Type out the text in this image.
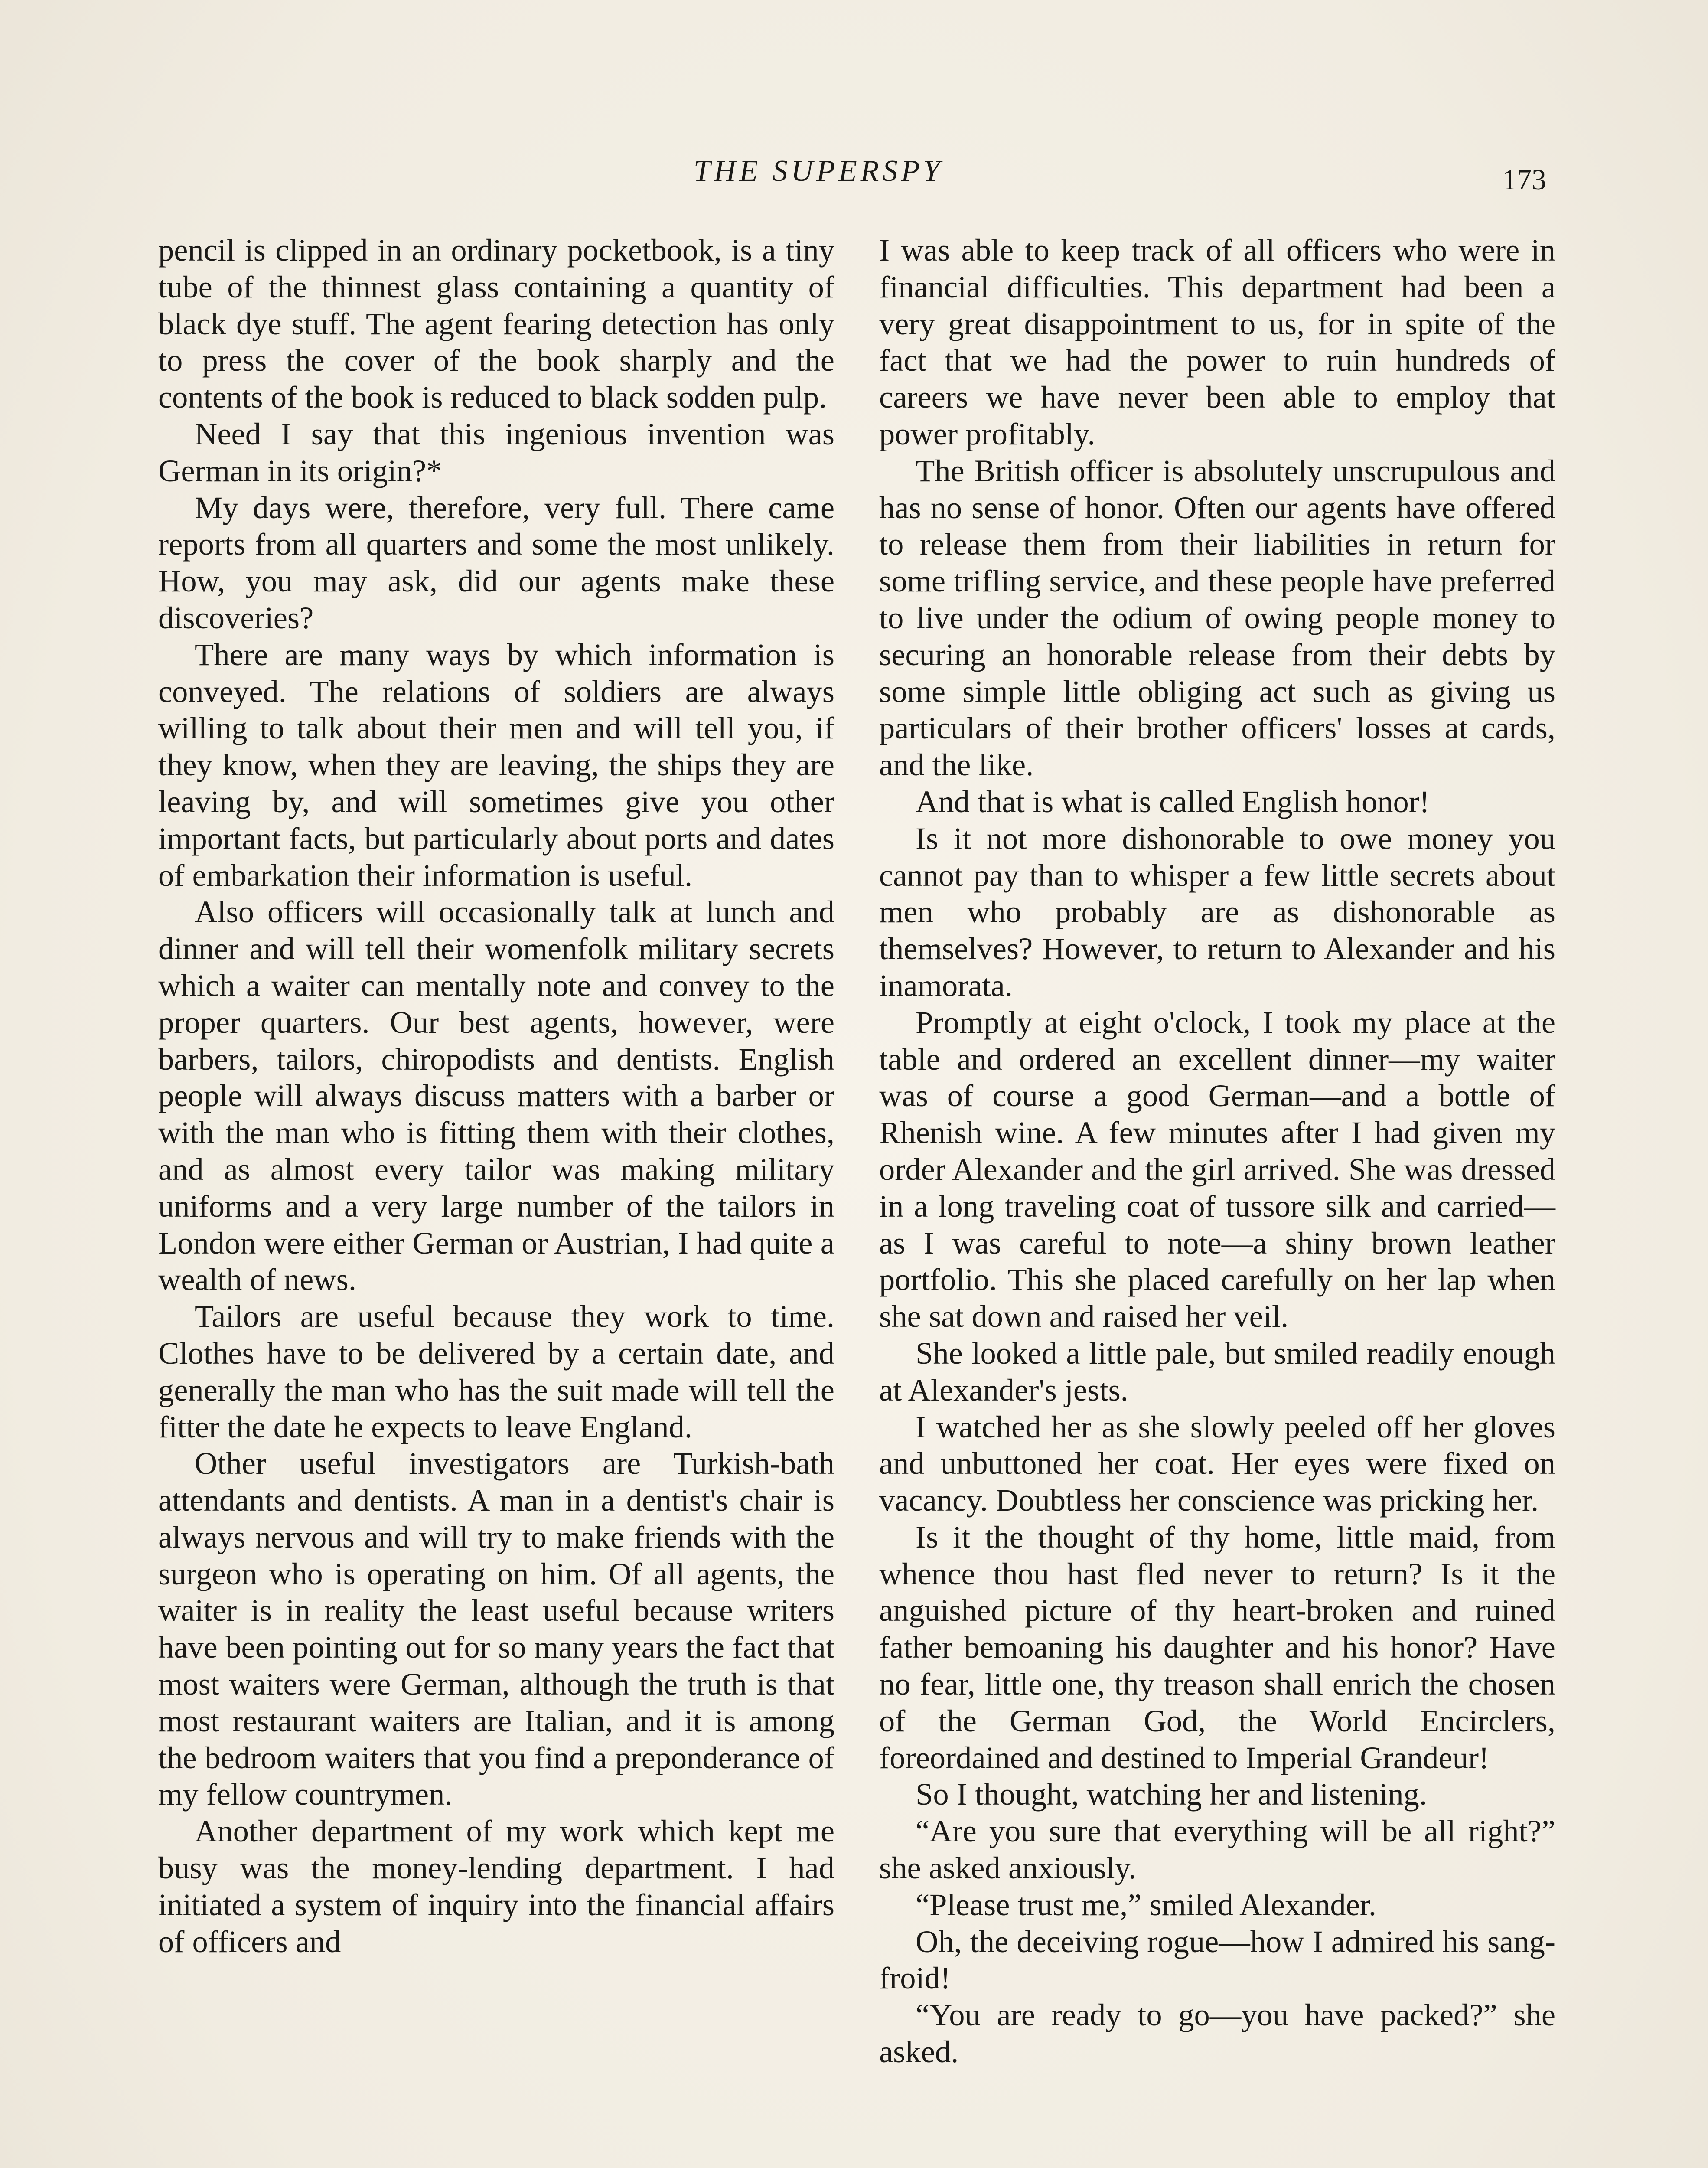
THE SUPERSPY	173

pencil is clipped in an ordinary pocketbook, is a tiny tube of the thinnest glass containing a quantity of black dye stuff. The agent fearing detection has only to press the cover of the book sharply and the contents of the book is reduced to black sodden pulp.

Need I say that this ingenious invention was German in its origin?*

My days were, therefore, very full. There came reports from all quarters and some the most unlikely. How, you may ask, did our agents make these discoveries?

There are many ways by which information is conveyed. The relations of soldiers are always willing to talk about their men and will tell you, if they know, when they are leaving, the ships they are leaving by, and will sometimes give you other important facts, but particularly about ports and dates of embarkation their information is useful.

Also officers will occasionally talk at lunch and dinner and will tell their womenfolk military secrets which a waiter can mentally note and convey to the proper quarters. Our best agents, however, were barbers, tailors, chiropodists and dentists. English people will always discuss matters with a barber or with the man who is fitting them with their clothes, and as almost every tailor was making military uniforms and a very large number of the tailors in London were either German or Austrian, I had quite a wealth of news.

Tailors are useful because they work to time. Clothes have to be delivered by a certain date, and generally the man who has the suit made will tell the fitter the date he expects to leave England.

Other useful investigators are Turkish-bath attendants and dentists. A man in a dentist's chair is always nervous and will try to make friends with the surgeon who is operating on him. Of all agents, the waiter is in reality the least useful because writers have been pointing out for so many years the fact that most waiters were German, although the truth is that most restaurant waiters are Italian, and it is among the bedroom waiters that you find a preponderance of my fellow countrymen.

Another department of my work which kept me busy was the money-lending department. I had initiated a system of inquiry into the financial affairs of officers and

I was able to keep track of all officers who were in financial difficulties. This department had been a very great disappointment to us, for in spite of the fact that we had the power to ruin hundreds of careers we have never been able to employ that power profitably.

The British officer is absolutely unscrupulous and has no sense of honor. Often our agents have offered to release them from their liabilities in return for some trifling service, and these people have preferred to live under the odium of owing people money to securing an honorable release from their debts by some simple little obliging act such as giving us particulars of their brother officers' losses at cards, and the like.

And that is what is called English honor!

Is it not more dishonorable to owe money you cannot pay than to whisper a few little secrets about men who probably are as dishonorable as themselves? However, to return to Alexander and his inamorata.

Promptly at eight o'clock, I took my place at the table and ordered an excellent dinner—my waiter was of course a good German—and a bottle of Rhenish wine. A few minutes after I had given my order Alexander and the girl arrived. She was dressed in a long traveling coat of tussore silk and carried—as I was careful to note—a shiny brown leather portfolio. This she placed carefully on her lap when she sat down and raised her veil.

She looked a little pale, but smiled readily enough at Alexander's jests.

I watched her as she slowly peeled off her gloves and unbuttoned her coat. Her eyes were fixed on vacancy. Doubtless her conscience was pricking her.

Is it the thought of thy home, little maid, from whence thou hast fled never to return? Is it the anguished picture of thy heart-broken and ruined father bemoaning his daughter and his honor? Have no fear, little one, thy treason shall enrich the chosen of the German God, the World Encirclers, foreordained and destined to Imperial Grandeur!

So I thought, watching her and listening.

“Are you sure that everything will be all right?” she asked anxiously.

“Please trust me,” smiled Alexander.

Oh, the deceiving rogue—how I admired his sang-froid!

“You are ready to go—you have packed?” she asked.
